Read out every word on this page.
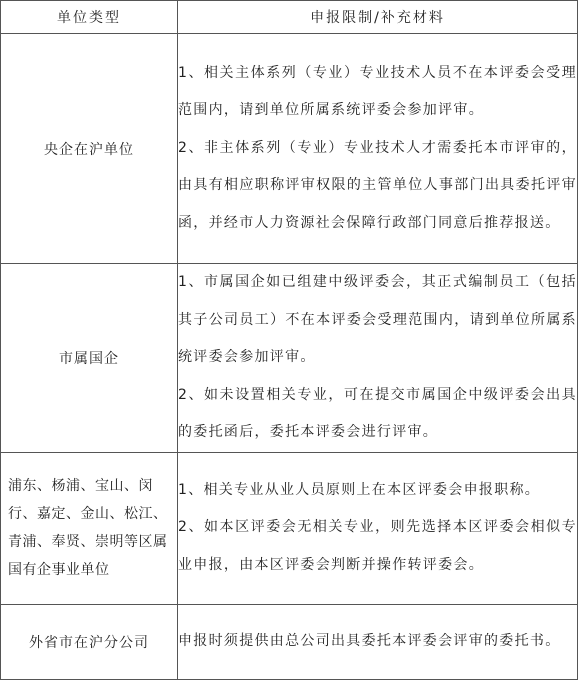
单位类型	申报限制/补充材料
央企在沪单位	1、相关主体系列（专业）专业技术人员不在本评委会受理范围内，请到单位所属系统评委会参加评审。

2、非主体系列（专业）专业技术人才需委托本市评审的，由具有相应职称评审权限的主管单位人事部门出具委托评审函，并经市人力资源社会保障行政部门同意后推荐报送。

市属国企	1、市属国企如已组建中级评委会，其正式编制员工（包括其子公司员工）不在本评委会受理范围内，请到单位所属系统评委会参加评审。

2、如未设置相关专业，可在提交市属国企中级评委会出具的委托函后，委托本评委会进行评审。

浦东、杨浦、宝山、闵行、嘉定、金山、松江、青浦、奉贤、崇明等区属国有企事业单位	1、相关专业从业人员原则上在本区评委会申报职称。

2、如本区评委会无相关专业，则先选择本区评委会相似专业申报，由本区评委会判断并操作转评委会。

外省市在沪分公司	申报时须提供由总公司出具委托本评委会评审的委托书。
